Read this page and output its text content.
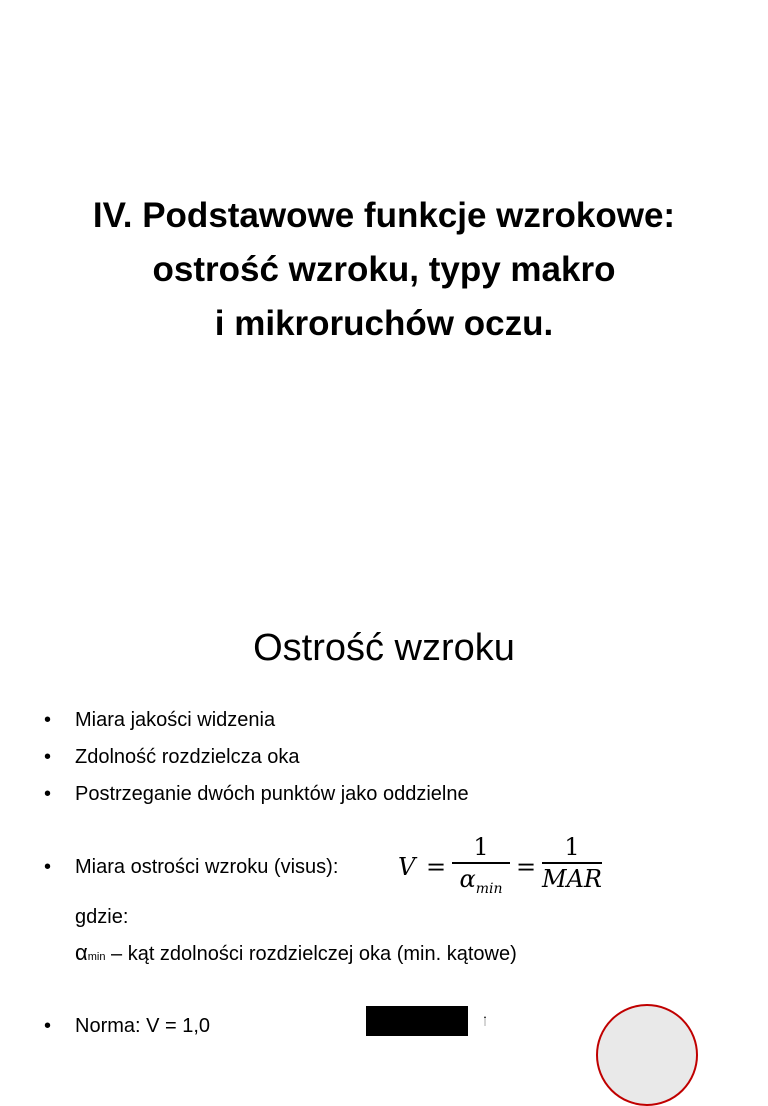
IV. Podstawowe funkcje wzrokowe:
ostrość wzroku, typy makro
i mikroruchów oczu.
Ostrość wzroku
• Miara jakości widzenia
• Zdolność rozdzielcza oka
• Postrzeganie dwóch punktów jako oddzielne
• Miara ostrości wzroku (visus): V =
1
$\alpha_{min}$
=
1
MAR
gdzie:
αmin – kąt zdolności rozdzielczej oka (min. kątowe)
• Norma: V = 1,0
